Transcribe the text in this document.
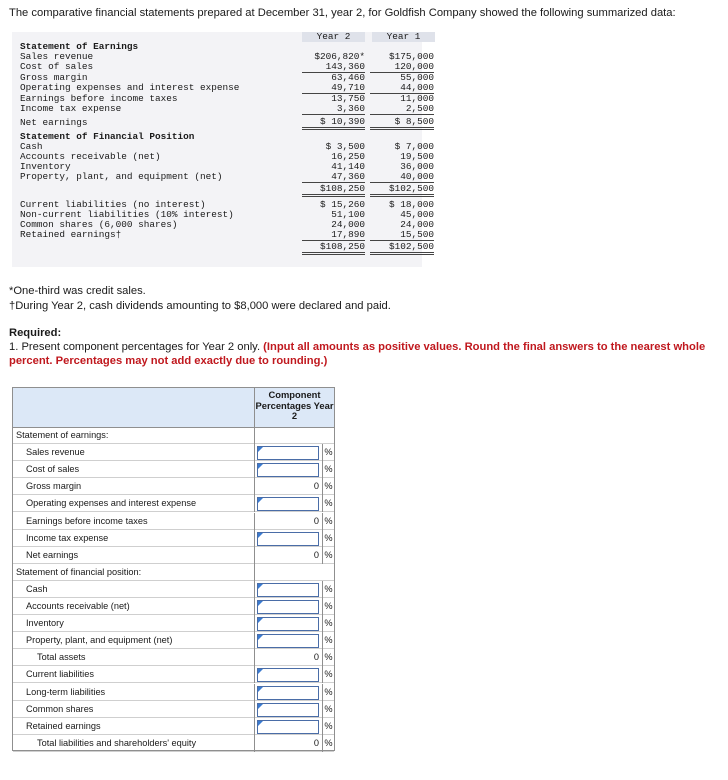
The comparative financial statements prepared at December 31, year 2, for Goldfish Company showed the following summarized data:
Year 2	Year 1
Statement of Earnings
Sales revenue	$206,820*	$175,000
Cost of sales	143,360	120,000
Gross margin	63,460	55,000
Operating expenses and interest expense	49,710	44,000
Earnings before income taxes	13,750	11,000
Income tax expense	3,360	2,500
Net earnings	$ 10,390	$ 8,500
Statement of Financial Position
Cash	$ 3,500	$ 7,000
Accounts receivable (net)	16,250	19,500
Inventory	41,140	36,000
Property, plant, and equipment (net)	47,360	40,000
$108,250	$102,500
Current liabilities (no interest)	$ 15,260	$ 18,000
Non-current liabilities (10% interest)	51,100	45,000
Common shares (6,000 shares)	24,000	24,000
Retained earnings†	17,890	15,500
$108,250	$102,500
*One-third was credit sales.
†During Year 2, cash dividends amounting to $8,000 were declared and paid.
Required:
1. Present component percentages for Year 2 only. (Input all amounts as positive values. Round the final answers to the nearest whole percent. Percentages may not add exactly due to rounding.)
Component Percentages Year 2
Statement of earnings:
Sales revenue	%
Cost of sales	%
Gross margin	0 %
Operating expenses and interest expense	%
Earnings before income taxes	0 %
Income tax expense	%
Net earnings	0 %
Statement of financial position:
Cash	%
Accounts receivable (net)	%
Inventory	%
Property, plant, and equipment (net)	%
Total assets	0 %
Current liabilities	%
Long-term liabilities	%
Common shares	%
Retained earnings	%
Total liabilities and shareholders' equity	0 %
